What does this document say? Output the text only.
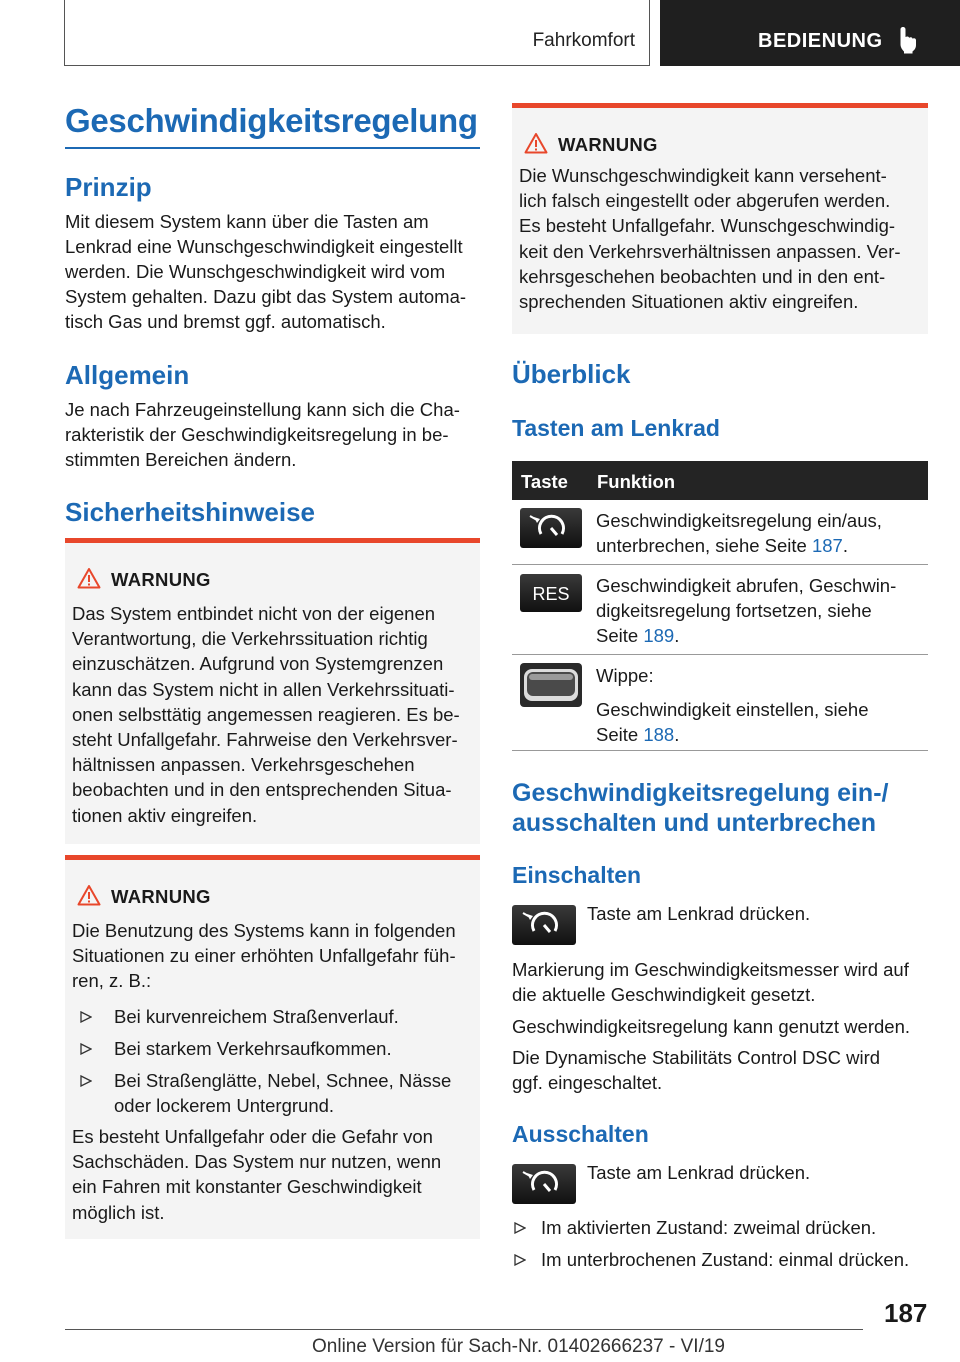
Fahrkomfort	BEDIENUNG
Geschwindigkeitsregelung
Prinzip
Mit diesem System kann über die Tasten am
Lenkrad eine Wunschgeschwindigkeit eingestellt
werden. Die Wunschgeschwindigkeit wird vom
System gehalten. Dazu gibt das System automa‐
tisch Gas und bremst ggf. automatisch.
Allgemein
Je nach Fahrzeugeinstellung kann sich die Cha‐
rakteristik der Geschwindigkeitsregelung in be‐
stimmten Bereichen ändern.
Sicherheitshinweise
WARNUNG
Das System entbindet nicht von der eigenen
Verantwortung, die Verkehrssituation richtig
einzuschätzen. Aufgrund von Systemgrenzen
kann das System nicht in allen Verkehrssituati‐
onen selbsttätig angemessen reagieren. Es be‐
steht Unfallgefahr. Fahrweise den Verkehrsver‐
hältnissen anpassen. Verkehrsgeschehen
beobachten und in den entsprechenden Situa‐
tionen aktiv eingreifen.
WARNUNG
Die Benutzung des Systems kann in folgenden
Situationen zu einer erhöhten Unfallgefahr füh‐
ren, z. B.:
Bei kurvenreichem Straßenverlauf.
Bei starkem Verkehrsaufkommen.
Bei Straßenglätte, Nebel, Schnee, Nässe
oder lockerem Untergrund.
Es besteht Unfallgefahr oder die Gefahr von
Sachschäden. Das System nur nutzen, wenn
ein Fahren mit konstanter Geschwindigkeit
möglich ist.
WARNUNG
Die Wunschgeschwindigkeit kann versehent‐
lich falsch eingestellt oder abgerufen werden.
Es besteht Unfallgefahr. Wunschgeschwindig‐
keit den Verkehrsverhältnissen anpassen. Ver‐
kehrsgeschehen beobachten und in den ent‐
sprechenden Situationen aktiv eingreifen.
Überblick
Tasten am Lenkrad
Taste Funktion
Geschwindigkeitsregelung ein/aus,
unterbrechen, siehe Seite 187.
RES Geschwindigkeit abrufen, Geschwin‐
digkeitsregelung fortsetzen, siehe
Seite 189.
Wippe:
Geschwindigkeit einstellen, siehe
Seite 188.
Geschwindigkeitsregelung ein-/
ausschalten und unterbrechen
Einschalten
Taste am Lenkrad drücken.
Markierung im Geschwindigkeitsmesser wird auf
die aktuelle Geschwindigkeit gesetzt.
Geschwindigkeitsregelung kann genutzt werden.
Die Dynamische Stabilitäts Control DSC wird
ggf. eingeschaltet.
Ausschalten
Taste am Lenkrad drücken.
Im aktivierten Zustand: zweimal drücken.
Im unterbrochenen Zustand: einmal drücken.
187
Online Version für Sach-Nr. 01402666237 - VI/19
